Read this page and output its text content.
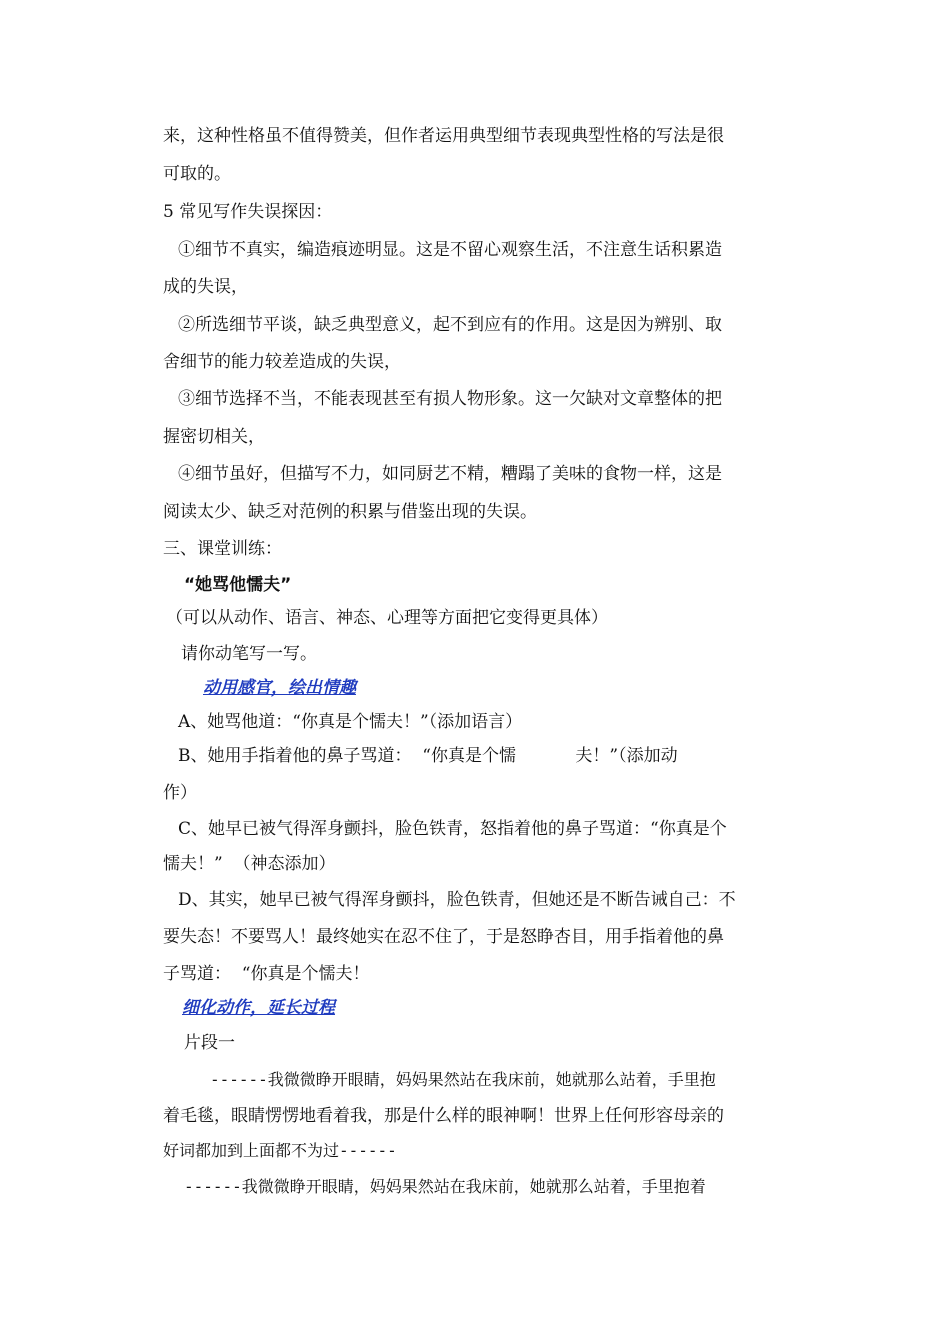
来，这种性格虽不值得赞美，但作者运用典型细节表现典型性格的写法是很
可取的。
5 常见写作失误探因：
①细节不真实，编造痕迹明显。这是不留心观察生活，不注意生话积累造
成的失误，
②所选细节平谈，缺乏典型意义，起不到应有的作用。这是因为辨别、取
舍细节的能力较差造成的失误，
③细节选择不当，不能表现甚至有损人物形象。这一欠缺对文章整体的把
握密切相关，
④细节虽好，但描写不力，如同厨艺不精，糟蹋了美味的食物一样，这是
阅读太少、缺乏对范例的积累与借鉴出现的失误。
三、课堂训练：
“她骂他懦夫”
（可以从动作、语言、神态、心理等方面把它变得更具体）
请你动笔写一写。
动用感官，绘出情趣
A、她骂他道：“你真是个懦夫！”（添加语言）
B、她用手指着他的鼻子骂道：  “你真是个懦           夫！”（添加动
作）
C、她早已被气得浑身颤抖，脸色铁青，怒指着他的鼻子骂道：“你真是个
懦夫！”  （神态添加）
D、其实，她早已被气得浑身颤抖，脸色铁青，但她还是不断告诫自己：不
要失态！不要骂人！最终她实在忍不住了，于是怒睁杏目，用手指着他的鼻
子骂道：  “你真是个懦夫！
细化动作，延长过程
片段一
------我微微睁开眼睛，妈妈果然站在我床前，她就那么站着，手里抱
着毛毯，眼睛愣愣地看着我，那是什么样的眼神啊！世界上任何形容母亲的
好词都加到上面都不为过------
------我微微睁开眼睛，妈妈果然站在我床前，她就那么站着，手里抱着
